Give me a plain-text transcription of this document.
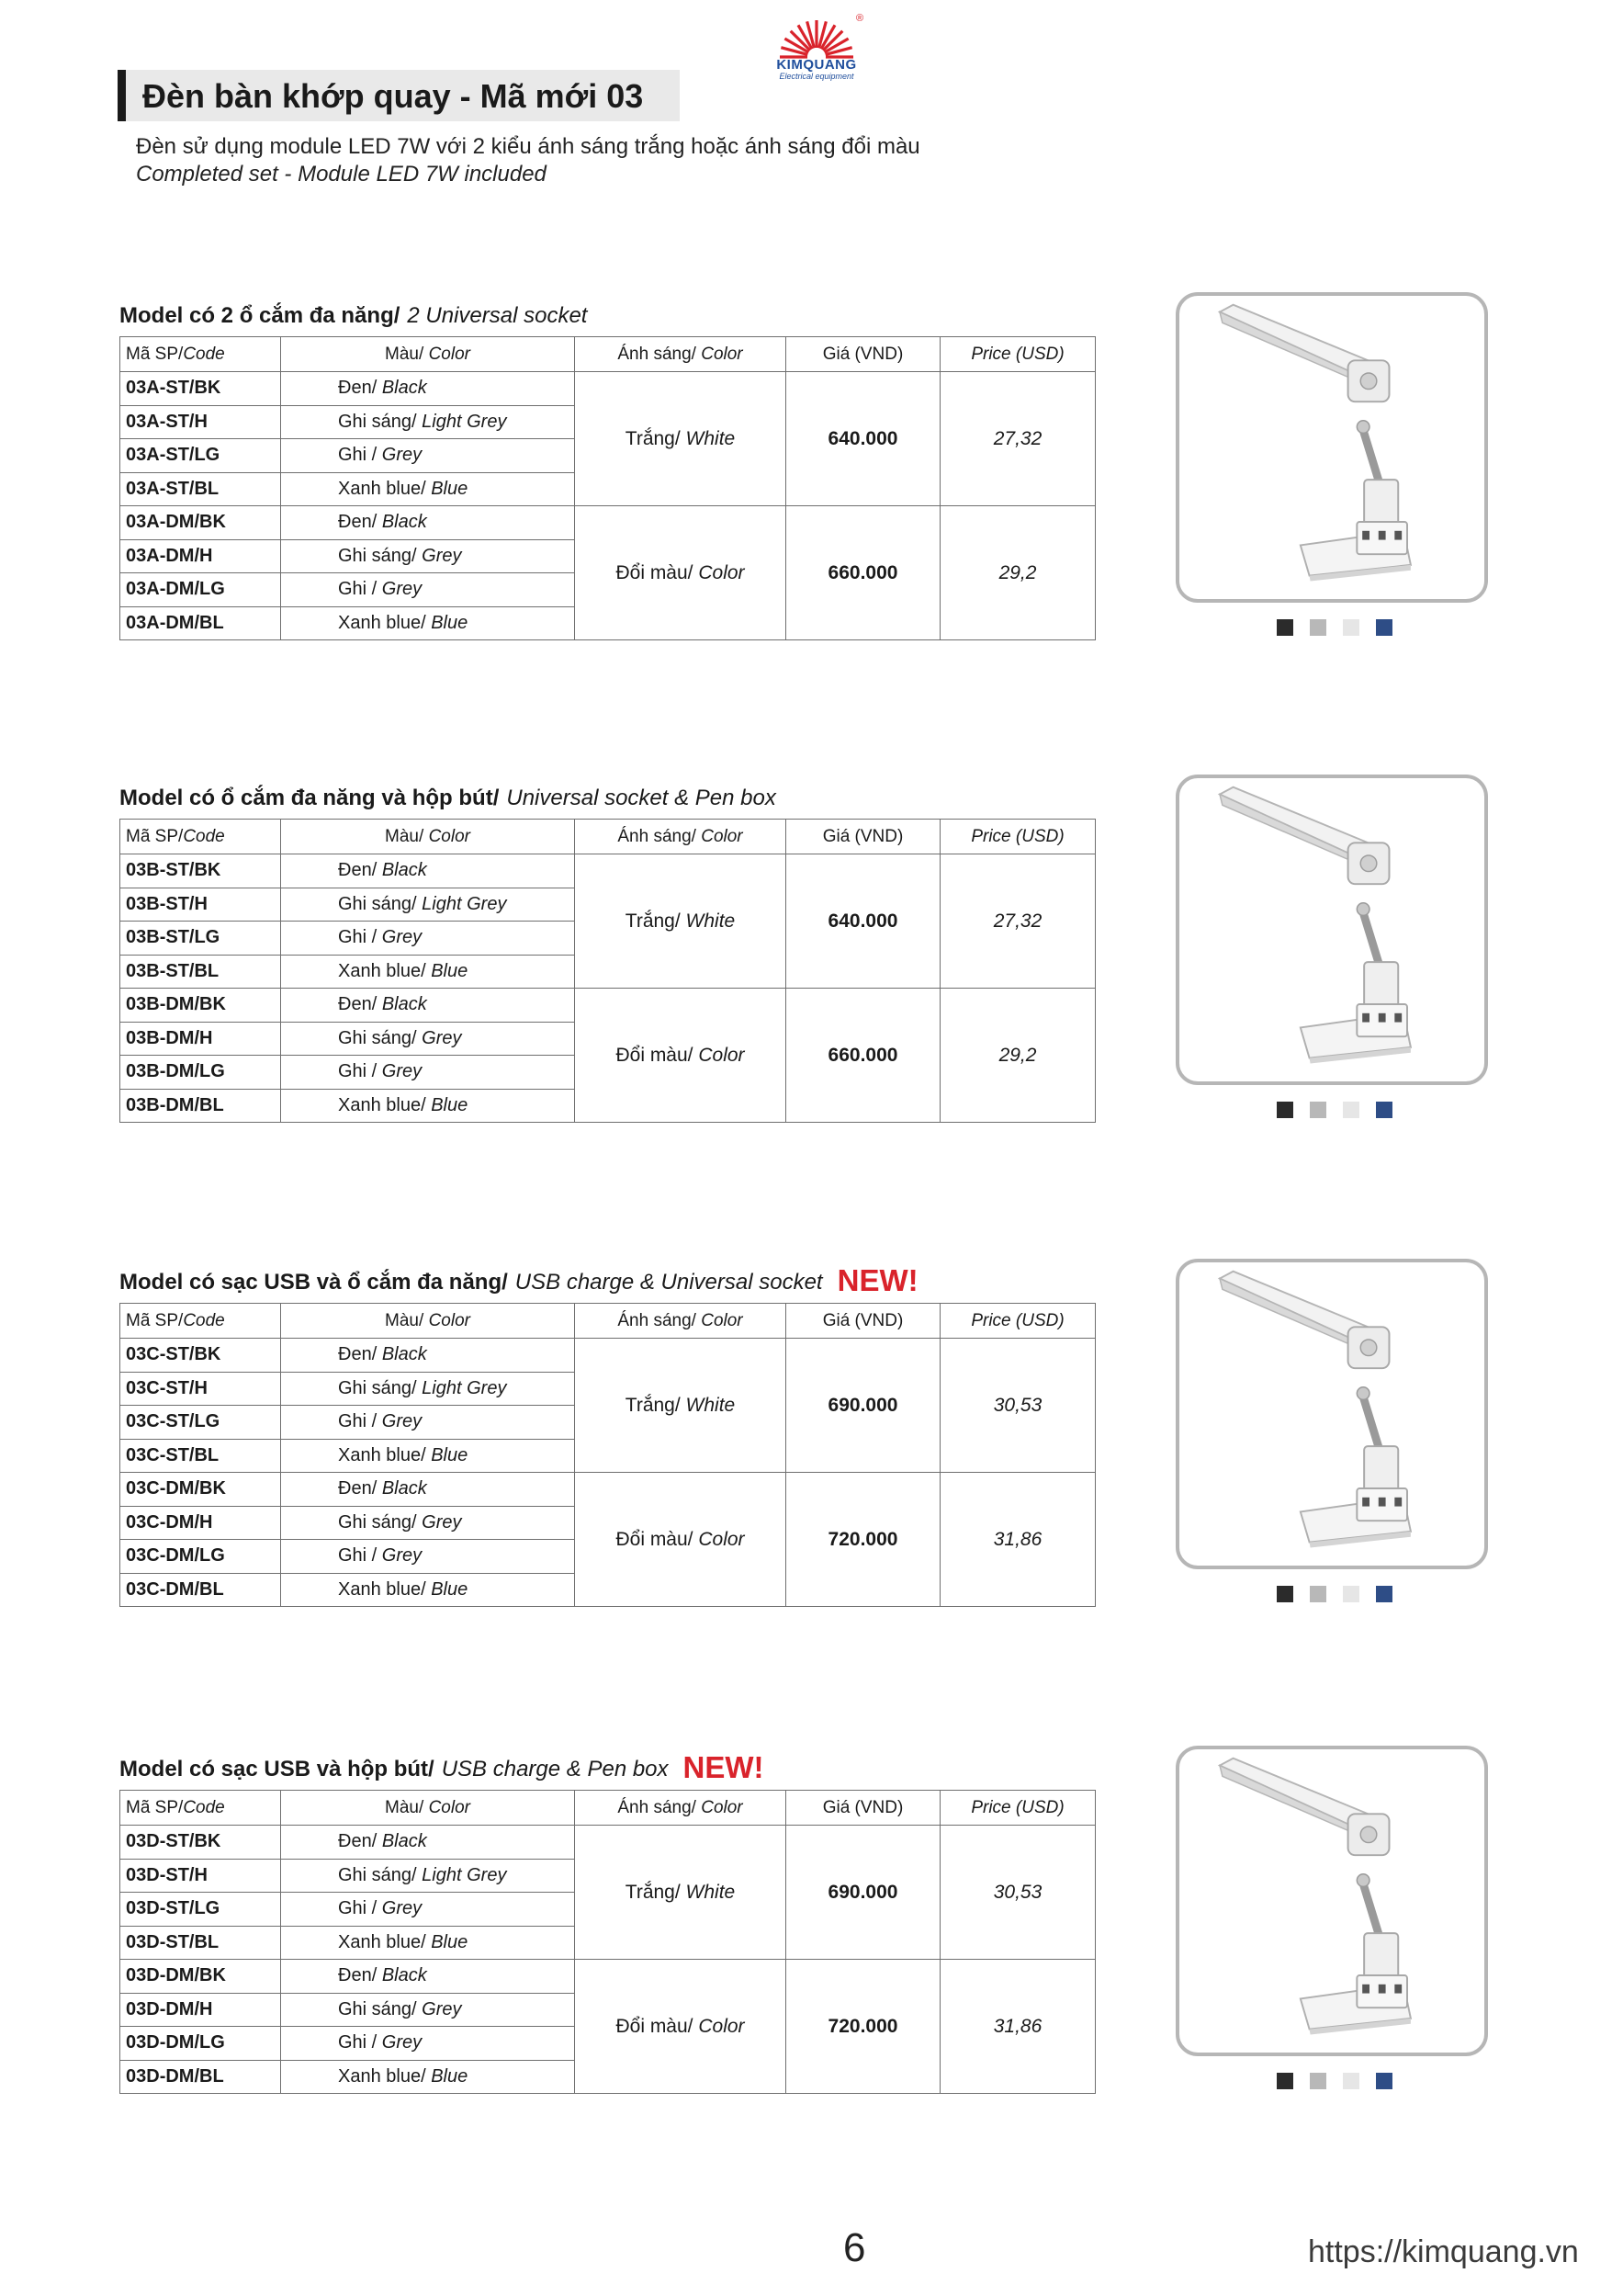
®
KIMQUANG
Electrical equipment
Đèn bàn khớp quay - Mã mới 03
Đèn sử dụng module LED 7W với 2 kiểu ánh sáng trắng hoặc ánh sáng đổi màu
Completed set - Module LED 7W included
Model có 2 ổ cắm đa năng/ 2 Universal socket
Mã SP/Code	Màu/ Color	Ánh sáng/ Color	Giá (VND)	Price (USD)
03A-ST/BK	Đen/ Black	Trắng/ White	640.000	27,32
03A-ST/H	Ghi sáng/ Light Grey			
03A-ST/LG	Ghi / Grey			
03A-ST/BL	Xanh blue/ Blue			
03A-DM/BK	Đen/ Black	Đổi màu/ Color	660.000	29,2
03A-DM/H	Ghi sáng/ Grey			
03A-DM/LG	Ghi / Grey			
03A-DM/BL	Xanh blue/ Blue			
Model có ổ cắm đa năng và hộp bút/ Universal socket & Pen box
Mã SP/Code	Màu/ Color	Ánh sáng/ Color	Giá (VND)	Price (USD)
03B-ST/BK	Đen/ Black	Trắng/ White	640.000	27,32
03B-ST/H	Ghi sáng/ Light Grey			
03B-ST/LG	Ghi / Grey			
03B-ST/BL	Xanh blue/ Blue			
03B-DM/BK	Đen/ Black	Đổi màu/ Color	660.000	29,2
03B-DM/H	Ghi sáng/ Grey			
03B-DM/LG	Ghi / Grey			
03B-DM/BL	Xanh blue/ Blue			
Model có sạc USB và ổ cắm đa năng/ USB charge & Universal socket NEW!
Mã SP/Code	Màu/ Color	Ánh sáng/ Color	Giá (VND)	Price (USD)
03C-ST/BK	Đen/ Black	Trắng/ White	690.000	30,53
03C-ST/H	Ghi sáng/ Light Grey			
03C-ST/LG	Ghi / Grey			
03C-ST/BL	Xanh blue/ Blue			
03C-DM/BK	Đen/ Black	Đổi màu/ Color	720.000	31,86
03C-DM/H	Ghi sáng/ Grey			
03C-DM/LG	Ghi / Grey			
03C-DM/BL	Xanh blue/ Blue			
Model có sạc USB và hộp bút/ USB charge & Pen box NEW!
Mã SP/Code	Màu/ Color	Ánh sáng/ Color	Giá (VND)	Price (USD)
03D-ST/BK	Đen/ Black	Trắng/ White	690.000	30,53
03D-ST/H	Ghi sáng/ Light Grey			
03D-ST/LG	Ghi / Grey			
03D-ST/BL	Xanh blue/ Blue			
03D-DM/BK	Đen/ Black	Đổi màu/ Color	720.000	31,86
03D-DM/H	Ghi sáng/ Grey			
03D-DM/LG	Ghi / Grey			
03D-DM/BL	Xanh blue/ Blue			
6	https://kimquang.vn
